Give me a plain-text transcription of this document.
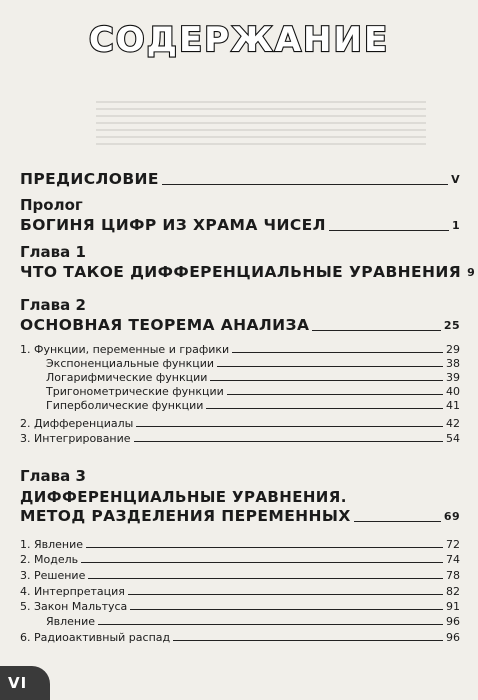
СОДЕРЖАНИЕ
ПРЕДИСЛОВИЕ	V
Пролог
БОГИНЯ ЦИФР ИЗ ХРАМА ЧИСЕЛ	1
Глава 1
ЧТО ТАКОЕ ДИФФЕРЕНЦИАЛЬНЫЕ УРАВНЕНИЯ 9
Глава 2
ОСНОВНАЯ ТЕОРЕМА АНАЛИЗА	25
1. Функции, переменные и графики	29
Экспоненциальные функции	38
Логарифмические функции	39
Тригонометрические функции	40
Гиперболические функции	41
2. Дифференциалы	42
3. Интегрирование	54
Глава 3
ДИФФЕРЕНЦИАЛЬНЫЕ УРАВНЕНИЯ.
МЕТОД РАЗДЕЛЕНИЯ ПЕРЕМЕННЫХ	69
1. Явление	72
2. Модель	74
3. Решение	78
4. Интерпретация	82
5. Закон Мальтуса	91
Явление	96
6. Радиоактивный распад	96
VI
